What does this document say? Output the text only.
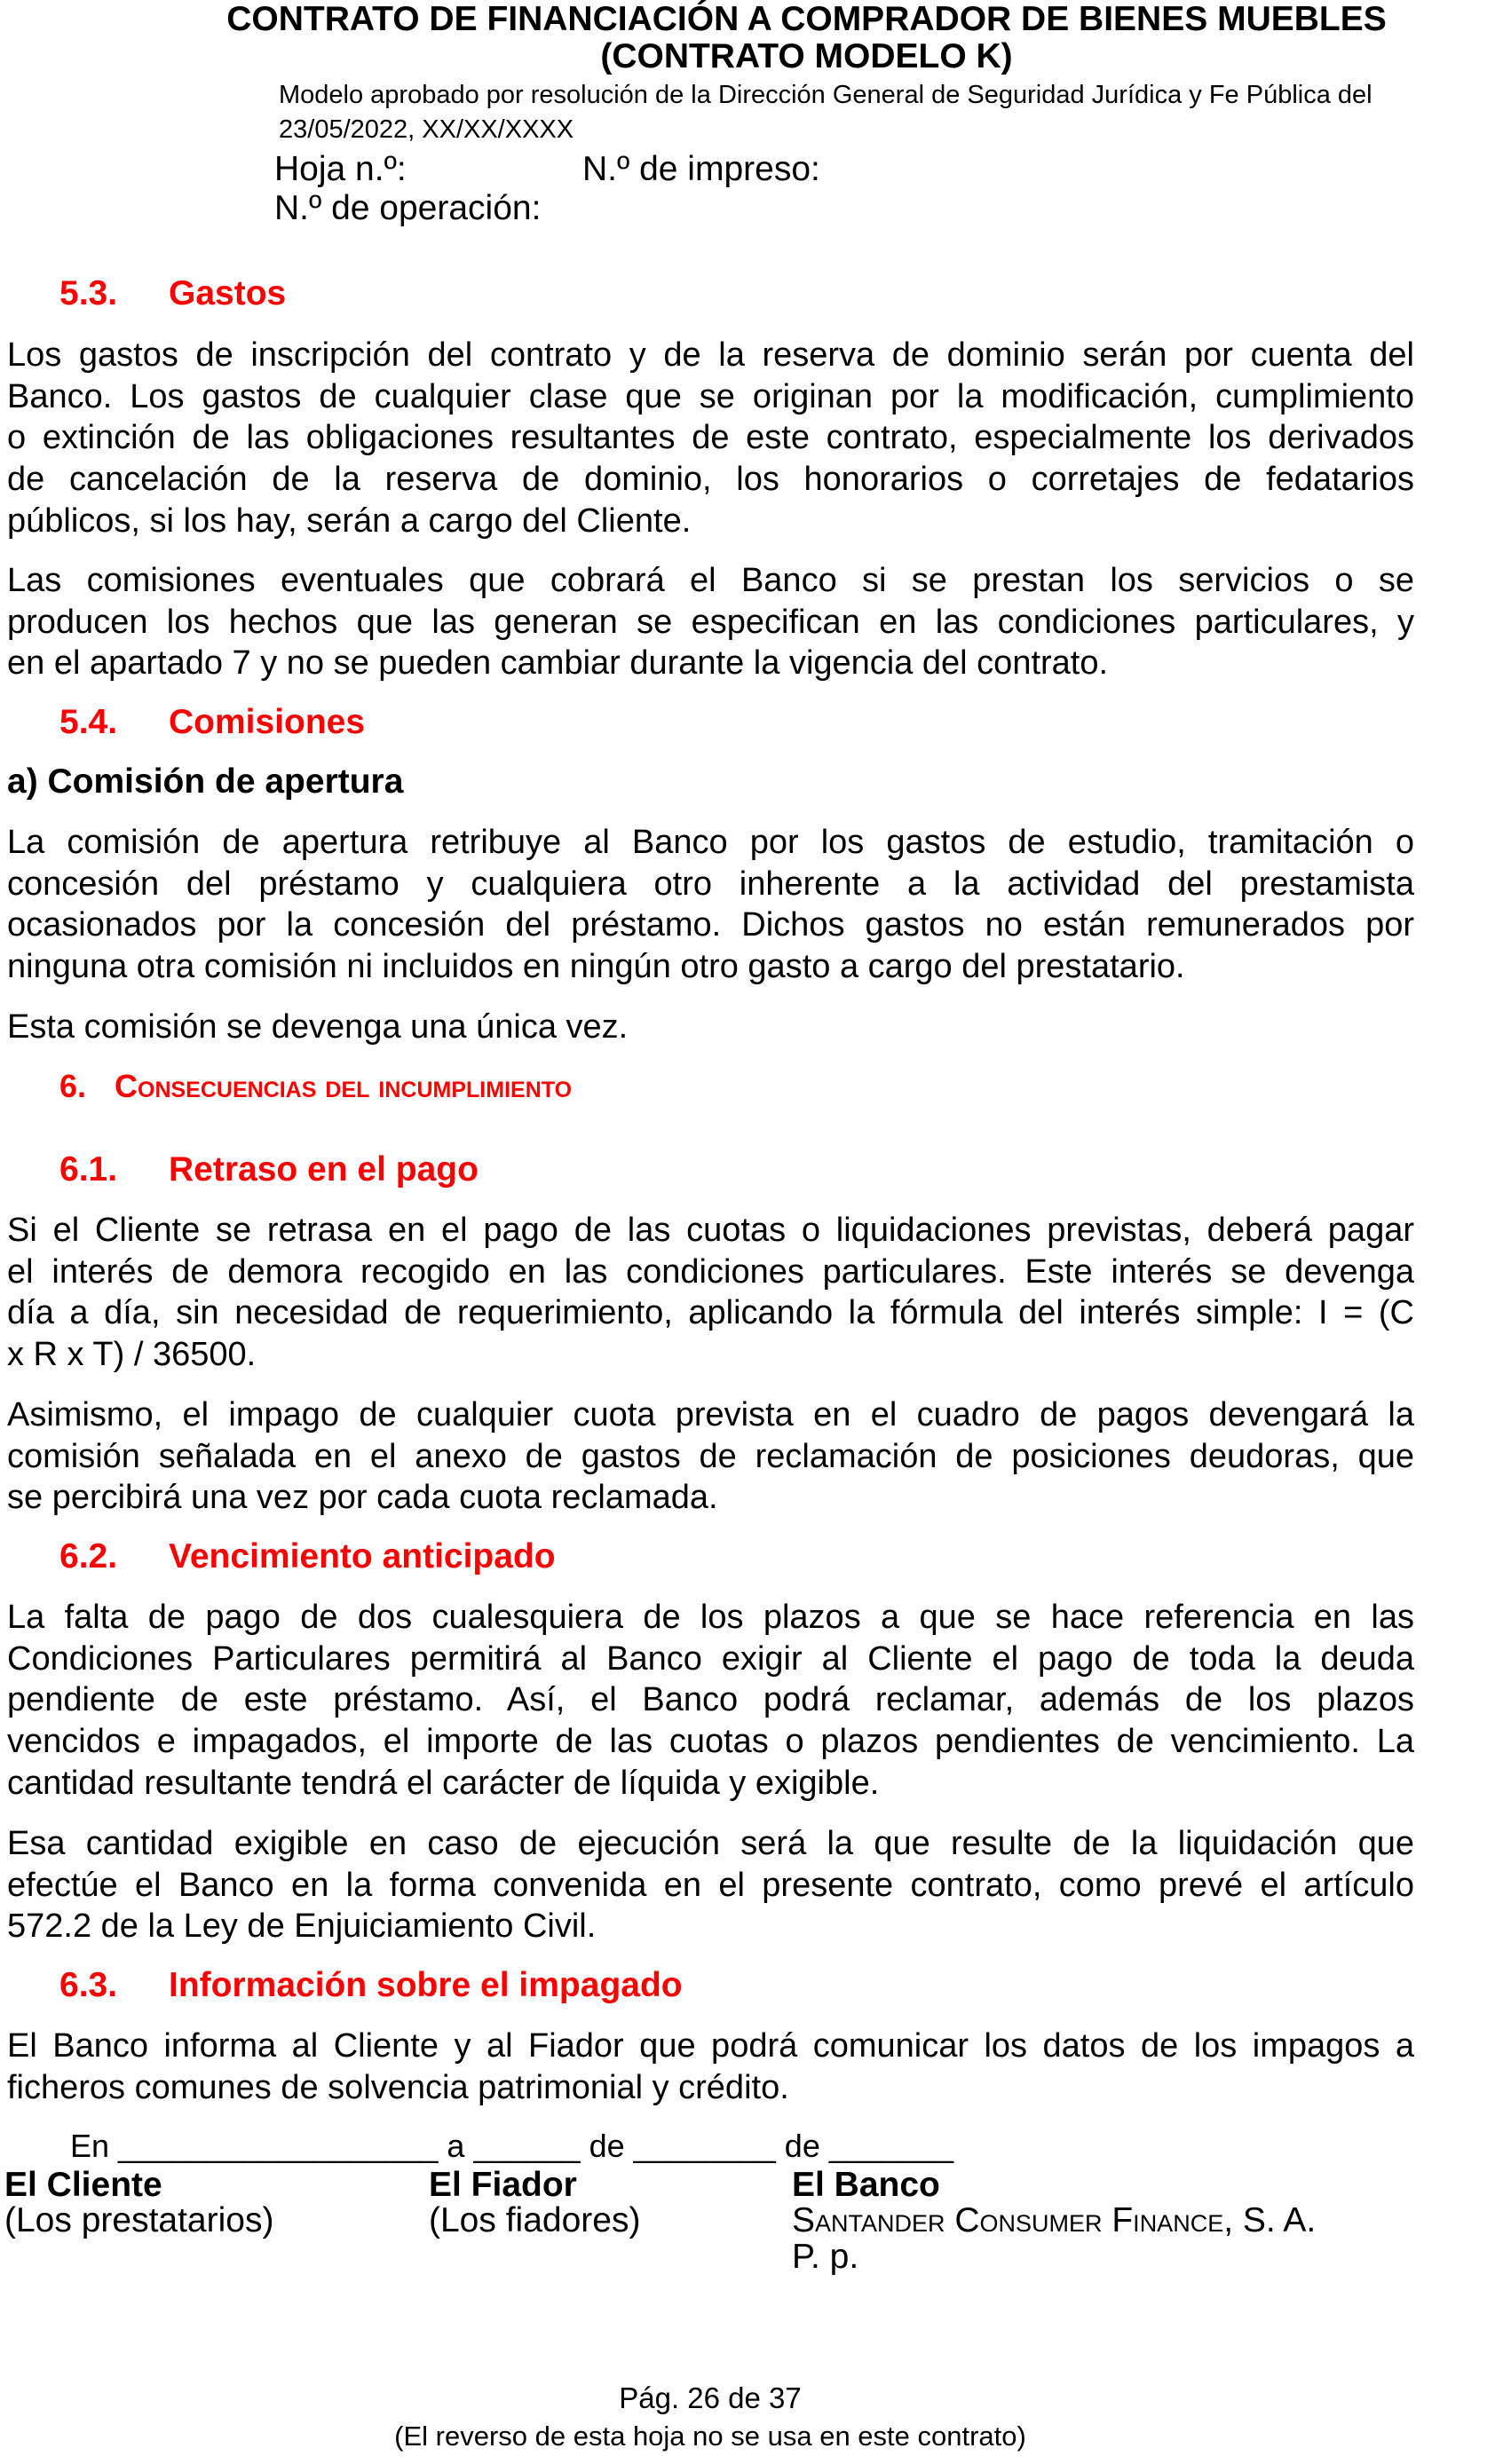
CONTRATO DE FINANCIACIÓN A COMPRADOR DE BIENES MUEBLES
(CONTRATO MODELO K)
Modelo aprobado por resolución de la Dirección General de Seguridad Jurídica y Fe Pública del
23/05/2022, XX/XX/XXXX
Hoja n.º:	N.º de impreso:
N.º de operación:
5.3. Gastos
Los gastos de inscripción del contrato y de la reserva de dominio serán por cuenta del
Banco. Los gastos de cualquier clase que se originan por la modificación, cumplimiento
o extinción de las obligaciones resultantes de este contrato, especialmente los derivados
de cancelación de la reserva de dominio, los honorarios o corretajes de fedatarios
públicos, si los hay, serán a cargo del Cliente.
Las comisiones eventuales que cobrará el Banco si se prestan los servicios o se
producen los hechos que las generan se especifican en las condiciones particulares, y
en el apartado 7 y no se pueden cambiar durante la vigencia del contrato.
5.4. Comisiones
a) Comisión de apertura
La comisión de apertura retribuye al Banco por los gastos de estudio, tramitación o
concesión del préstamo y cualquiera otro inherente a la actividad del prestamista
ocasionados por la concesión del préstamo. Dichos gastos no están remunerados por
ninguna otra comisión ni incluidos en ningún otro gasto a cargo del prestatario.
Esta comisión se devenga una única vez.
6. Consecuencias del incumplimiento
6.1. Retraso en el pago
Si el Cliente se retrasa en el pago de las cuotas o liquidaciones previstas, deberá pagar
el interés de demora recogido en las condiciones particulares. Este interés se devenga
día a día, sin necesidad de requerimiento, aplicando la fórmula del interés simple: I = (C
x R x T) / 36500.
Asimismo, el impago de cualquier cuota prevista en el cuadro de pagos devengará la
comisión señalada en el anexo de gastos de reclamación de posiciones deudoras, que
se percibirá una vez por cada cuota reclamada.
6.2. Vencimiento anticipado
La falta de pago de dos cualesquiera de los plazos a que se hace referencia en las
Condiciones Particulares permitirá al Banco exigir al Cliente el pago de toda la deuda
pendiente de este préstamo. Así, el Banco podrá reclamar, además de los plazos
vencidos e impagados, el importe de las cuotas o plazos pendientes de vencimiento. La
cantidad resultante tendrá el carácter de líquida y exigible.
Esa cantidad exigible en caso de ejecución será la que resulte de la liquidación que
efectúe el Banco en la forma convenida en el presente contrato, como prevé el artículo
572.2 de la Ley de Enjuiciamiento Civil.
6.3. Información sobre el impagado
El Banco informa al Cliente y al Fiador que podrá comunicar los datos de los impagos a
ficheros comunes de solvencia patrimonial y crédito.
En __________________ a ______ de ________ de _______
El Cliente
(Los prestatarios)
El Fiador
(Los fiadores)
El Banco
Santander Consumer Finance, S. A.
P. p.
Pág. 26 de 37
(El reverso de esta hoja no se usa en este contrato)
